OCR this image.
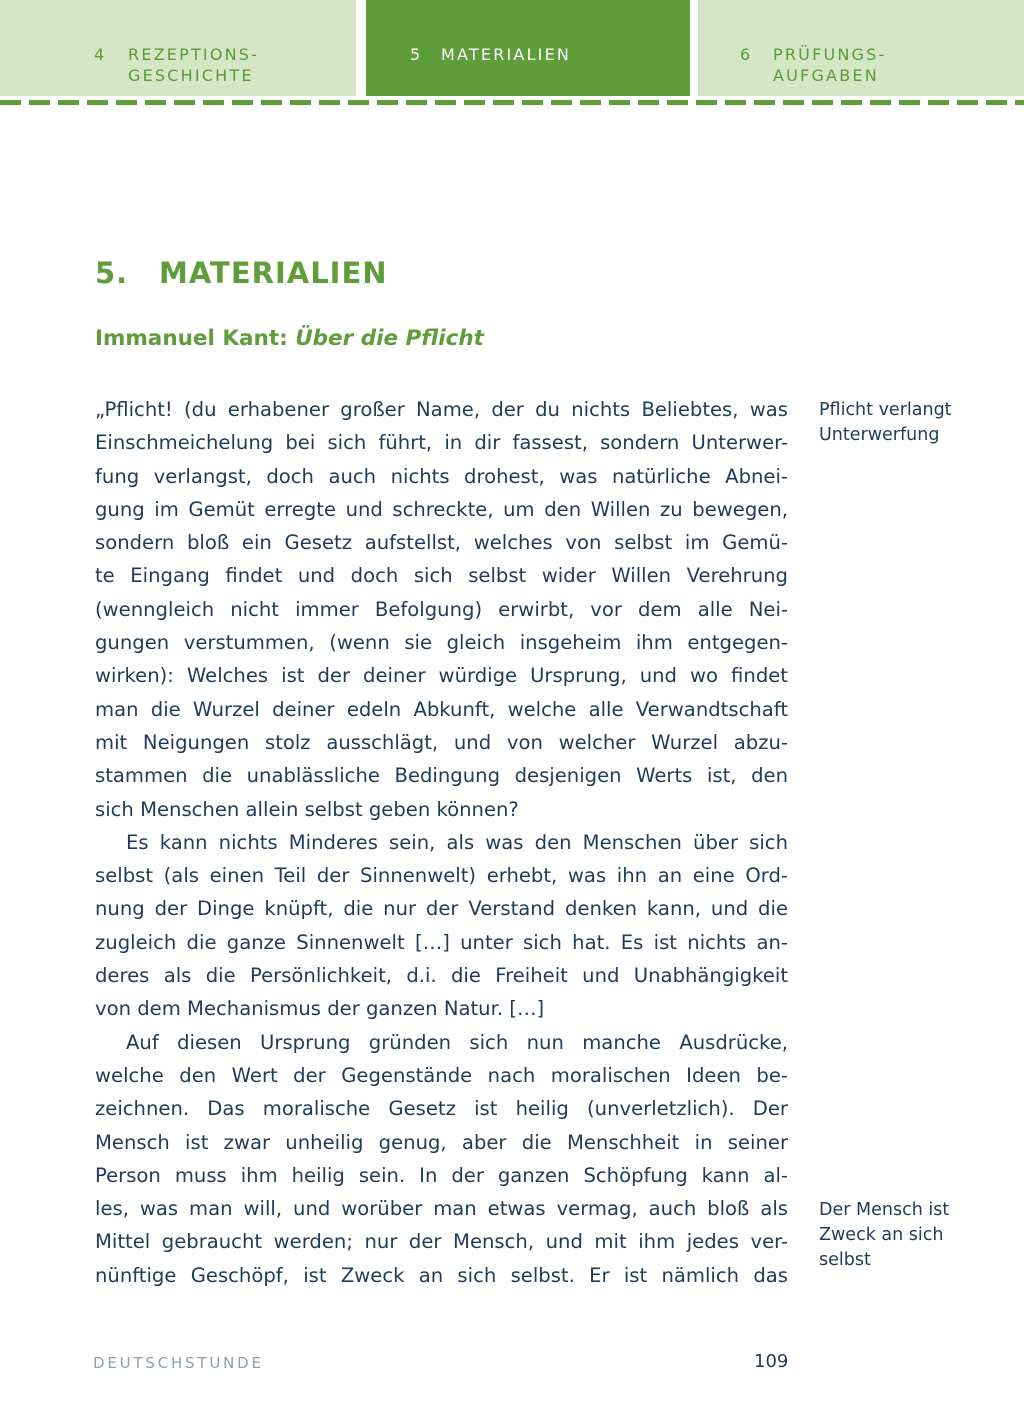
4 REZEPTIONS-
GESCHICHTE
5 MATERIALIEN	6 PRÜFUNGS-
AUFGABEN
5. MATERIALIEN
Immanuel Kant: Über die Pflicht
„Pflicht! (du erhabener großer Name, der du nichts Beliebtes, was
Einschmeichelung bei sich führt, in dir fassest, sondern Unterwer-
fung verlangst, doch auch nichts drohest, was natürliche Abnei-
gung im Gemüt erregte und schreckte, um den Willen zu bewegen,
sondern bloß ein Gesetz aufstellst, welches von selbst im Gemü-
te Eingang findet und doch sich selbst wider Willen Verehrung
(wenngleich nicht immer Befolgung) erwirbt, vor dem alle Nei-
gungen verstummen, (wenn sie gleich insgeheim ihm entgegen-
wirken): Welches ist der deiner würdige Ursprung, und wo findet
man die Wurzel deiner edeln Abkunft, welche alle Verwandtschaft
mit Neigungen stolz ausschlägt, und von welcher Wurzel abzu-
stammen die unablässliche Bedingung desjenigen Werts ist, den
sich Menschen allein selbst geben können?
Es kann nichts Minderes sein, als was den Menschen über sich
selbst (als einen Teil der Sinnenwelt) erhebt, was ihn an eine Ord-
nung der Dinge knüpft, die nur der Verstand denken kann, und die
zugleich die ganze Sinnenwelt […] unter sich hat. Es ist nichts an-
deres als die Persönlichkeit, d.i. die Freiheit und Unabhängigkeit
von dem Mechanismus der ganzen Natur. […]
Auf diesen Ursprung gründen sich nun manche Ausdrücke,
welche den Wert der Gegenstände nach moralischen Ideen be-
zeichnen. Das moralische Gesetz ist heilig (unverletzlich). Der
Mensch ist zwar unheilig genug, aber die Menschheit in seiner
Person muss ihm heilig sein. In der ganzen Schöpfung kann al-
les, was man will, und worüber man etwas vermag, auch bloß als
Mittel gebraucht werden; nur der Mensch, und mit ihm jedes ver-
nünftige Geschöpf, ist Zweck an sich selbst. Er ist nämlich das
Pflicht verlangt
Unterwerfung
Der Mensch ist
Zweck an sich
selbst
DEUTSCHSTUNDE	109
